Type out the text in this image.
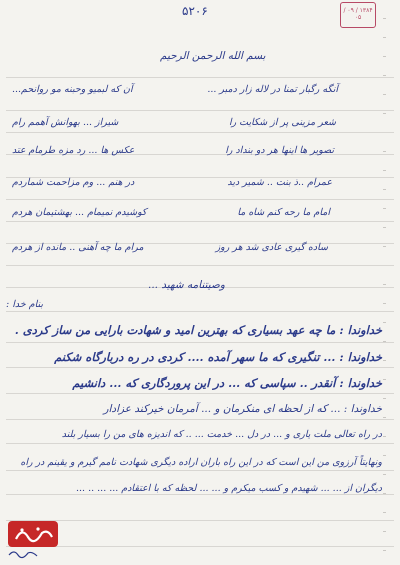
۵۲۰۶	۱۳۸۴ / ۰۹ / ۰۵
بسم الله الرحمن الرحیم
آنگه رگبار تمنا در لاله زار دمبر ...
آن که لبمیو وحبنه مو روانحم...
شعر مزینی پر از شکایت را
شیراز ... بهوانش آهمم رام
تصویر ها اینها هر دو بنداد را
عکس ها ... رد مزه طرمام عتد
عمرام ..ذ بنت .. شمیر دید
در هنم ... وم مزاحمت شماردم
امام ما رحه کنم شاه ما
کوشیدم نمیمام ... بهشتیمان هردم
ساده گیری عادی شد هر روز
مرام ما چه آهنی .. مانده از هردم
وصیتنامه شهید ...
بنام خدا :
خداوندا : ما چه عهد بسیاری که بهترین امید و شهادت بارایی من ساز کردی .
خداوندا : ... تنگیری که ما سهر آمده .... کردی در ره دربارگاه شکنم
خداوندا : آنقدر .. سپاسی که ... در این پروردگاری که ... دانشیم
خداوندا : ... که از لحظه ای منکرمان و ... آمرمان خیرکند عزادار
در راه تعالی ملت یاری و ... در دل ... خدمت ... .. که اندیزه های من را بسیار بلند
ونهایتاً آرزوی من این است که در این راه باران اراده دیگری شهادت نامم گیرم و یقینم در راه
دیگران از ... ... شهیدم و کسب میکرم و ... ... لحظه که با اعتقادم ... ... .. ...
